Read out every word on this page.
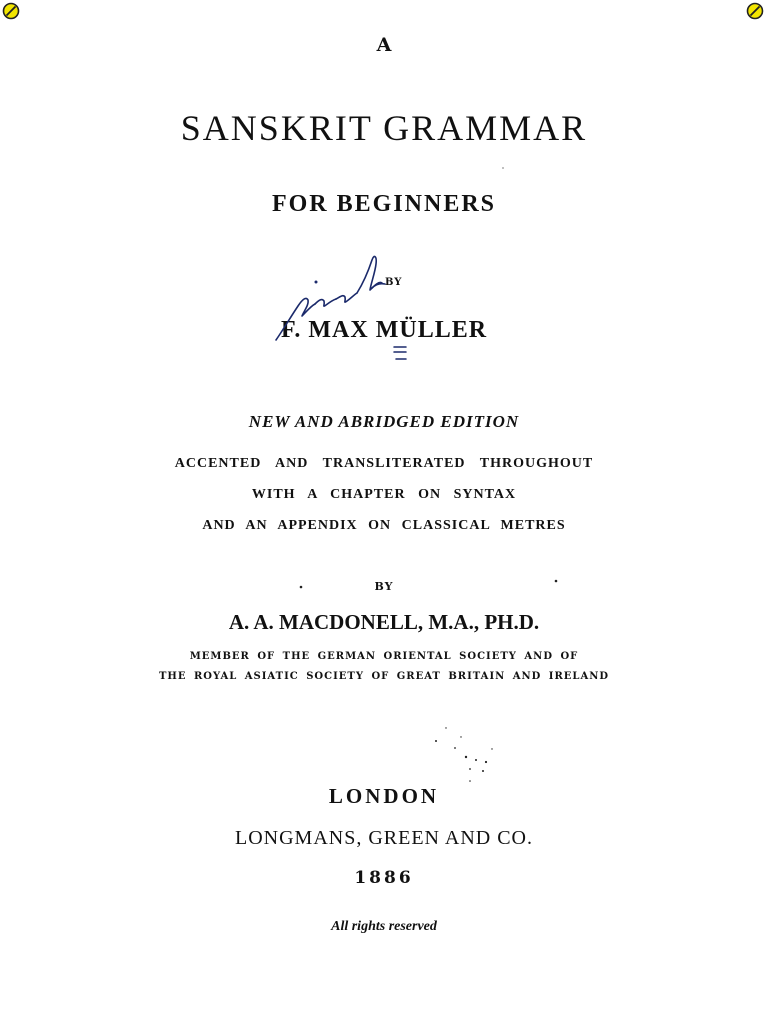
A
SANSKRIT GRAMMAR
FOR BEGINNERS
BY
F. MAX MÜLLER
NEW AND ABRIDGED EDITION
ACCENTED AND TRANSLITERATED THROUGHOUT
WITH A CHAPTER ON SYNTAX
AND AN APPENDIX ON CLASSICAL METRES
BY
A. A. MACDONELL, M.A., PH.D.
MEMBER OF THE GERMAN ORIENTAL SOCIETY AND OF
THE ROYAL ASIATIC SOCIETY OF GREAT BRITAIN AND IRELAND
LONDON
LONGMANS, GREEN AND CO.
1886
All rights reserved
